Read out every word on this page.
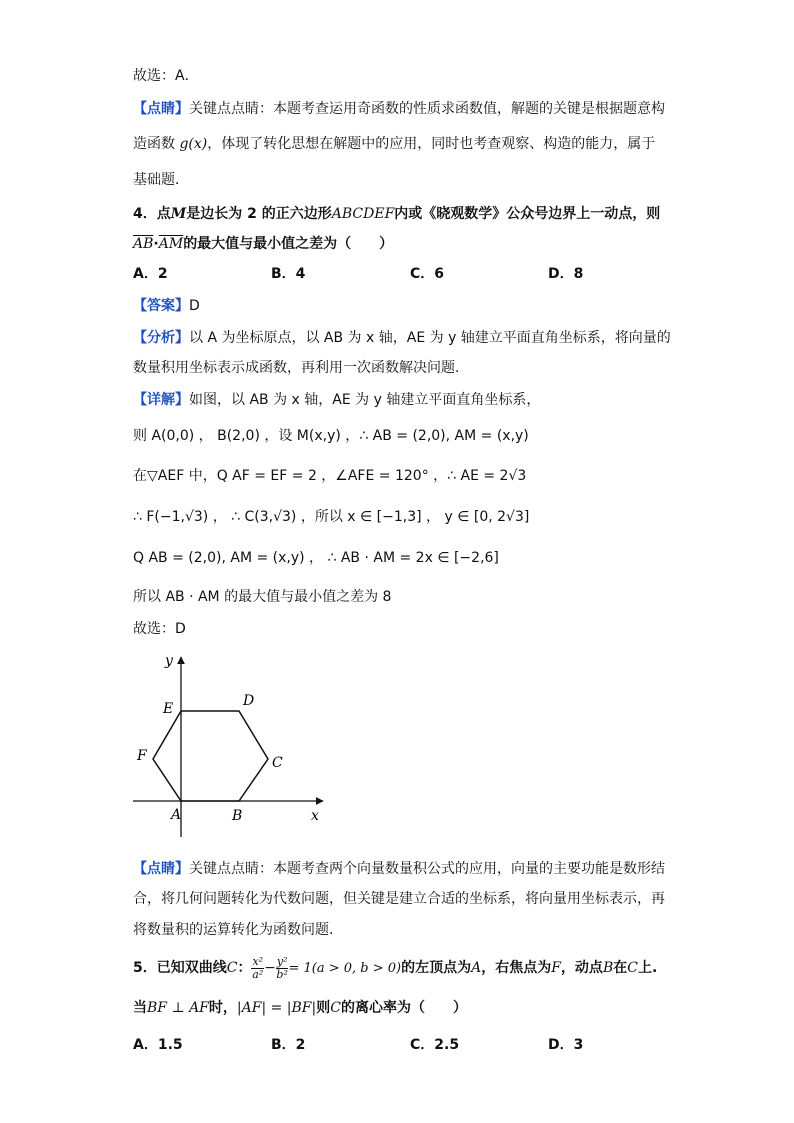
故选：A．
【点睛】关键点点睛：本题考查运用奇函数的性质求函数值，解题的关键是根据题意构
造函数 g(x)，体现了转化思想在解题中的应用，同时也考查观察、构造的能力，属于
基础题．
4．点M是边长为 2 的正六边形ABCDEF内或《晓观数学》公众号边界上一动点，则
$\overline{AB}\cdot\overline{AM}$的最大值与最小值之差为（　　）
A．2	B．4	C．6	D．8
【答案】D
【分析】以 A 为坐标原点，以 AB 为 x 轴，AE 为 y 轴建立平面直角坐标系，将向量的
数量积用坐标表示成函数，再利用一次函数解决问题.
【详解】如图，以 AB 为 x 轴，AE 为 y 轴建立平面直角坐标系，
则 A(0,0) ， B(2,0) ，设 M(x,y) ，∴ AB = (2,0), AM = (x,y)
在▽AEF 中，Q AF = EF = 2 ，∠AFE = 120° ，∴ AE = 2√3
∴ F(−1,√3) ， ∴ C(3,√3) ，所以 x ∈ [−1,3] ， y ∈ [0, 2√3]
Q AB = (2,0), AM = (x,y) ， ∴ AB · AM = 2x ∈ [−2,6]
所以 AB · AM 的最大值与最小值之差为 8
故选：D
y
x
A	B
C
D
E
F
【点睛】关键点点睛：本题考查两个向量数量积公式的应用，向量的主要功能是数形结
合，将几何问题转化为代数问题，但关键是建立合适的坐标系，将向量用坐标表示，再
将数量积的运算转化为函数问题.
5．已知双曲线C： $\frac{\text{x²}}{\text{a²}} - \frac{\text{y²}}{\text{b²}} = 1(a > 0$, b > 0)的左顶点为A，右焦点为F，动点B在C上.
当BF ⊥ AF时，|AF| = |BF|则C的离心率为（　　）
A．1.5	B．2	C．2.5	D．3
